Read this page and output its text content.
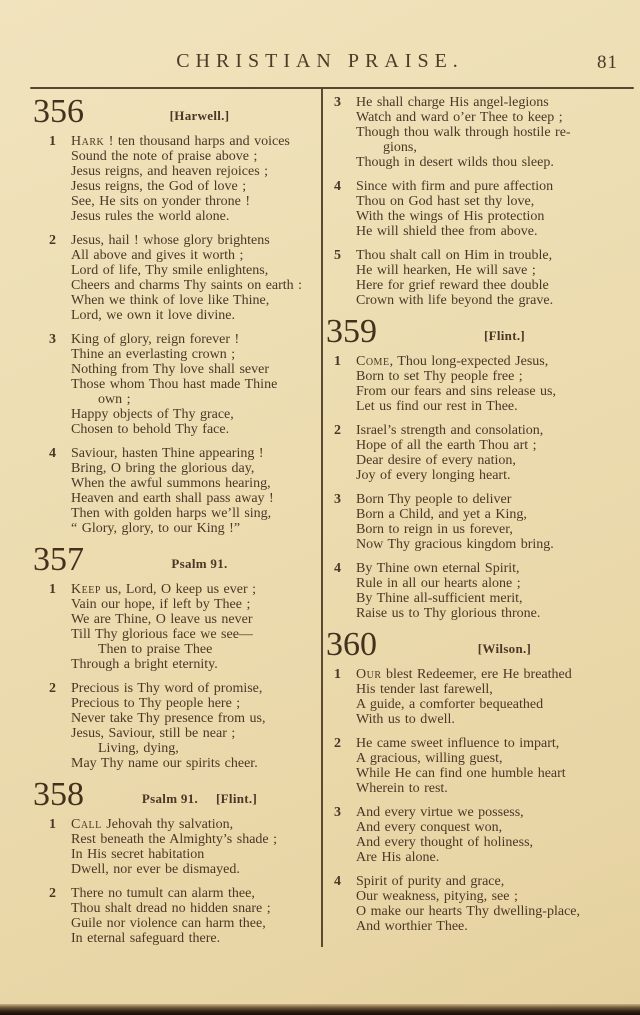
CHRISTIAN PRAISE.	81
356	[Harwell.]
1	Hark ! ten thousand harps and voices
Sound the note of praise above ;
Jesus reigns, and heaven rejoices ;
Jesus reigns, the God of love ;
See, He sits on yonder throne !
Jesus rules the world alone.
2	Jesus, hail ! whose glory brightens
All above and gives it worth ;
Lord of life, Thy smile enlightens,
Cheers and charms Thy saints on earth :
When we think of love like Thine,
Lord, we own it love divine.
3	King of glory, reign forever !
Thine an everlasting crown ;
Nothing from Thy love shall sever
Those whom Thou hast made Thine
own ;
Happy objects of Thy grace,
Chosen to behold Thy face.
4	Saviour, hasten Thine appearing !
Bring, O bring the glorious day,
When the awful summons hearing,
Heaven and earth shall pass away !
Then with golden harps we’ll sing,
“ Glory, glory, to our King !”
357	Psalm 91.
1	Keep us, Lord, O keep us ever ;
Vain our hope, if left by Thee ;
We are Thine, O leave us never
Till Thy glorious face we see—
Then to praise Thee
Through a bright eternity.
2	Precious is Thy word of promise,
Precious to Thy people here ;
Never take Thy presence from us,
Jesus, Saviour, still be near ;
Living, dying,
May Thy name our spirits cheer.
358	Psalm 91. [Flint.]
1	Call Jehovah thy salvation,
Rest beneath the Almighty’s shade ;
In His secret habitation
Dwell, nor ever be dismayed.
2	There no tumult can alarm thee,
Thou shalt dread no hidden snare ;
Guile nor violence can harm thee,
In eternal safeguard there.
3	He shall charge His angel-legions
Watch and ward o’er Thee to keep ;
Though thou walk through hostile re-
gions,
Though in desert wilds thou sleep.
4	Since with firm and pure affection
Thou on God hast set thy love,
With the wings of His protection
He will shield thee from above.
5	Thou shalt call on Him in trouble,
He will hearken, He will save ;
Here for grief reward thee double
Crown with life beyond the grave.
359	[Flint.]
1	Come, Thou long-expected Jesus,
Born to set Thy people free ;
From our fears and sins release us,
Let us find our rest in Thee.
2	Israel’s strength and consolation,
Hope of all the earth Thou art ;
Dear desire of every nation,
Joy of every longing heart.
3	Born Thy people to deliver
Born a Child, and yet a King,
Born to reign in us forever,
Now Thy gracious kingdom bring.
4	By Thine own eternal Spirit,
Rule in all our hearts alone ;
By Thine all-sufficient merit,
Raise us to Thy glorious throne.
360	[Wilson.]
1	Our blest Redeemer, ere He breathed
His tender last farewell,
A guide, a comforter bequeathed
With us to dwell.
2	He came sweet influence to impart,
A gracious, willing guest,
While He can find one humble heart
Wherein to rest.
3	And every virtue we possess,
And every conquest won,
And every thought of holiness,
Are His alone.
4	Spirit of purity and grace,
Our weakness, pitying, see ;
O make our hearts Thy dwelling-place,
And worthier Thee.
